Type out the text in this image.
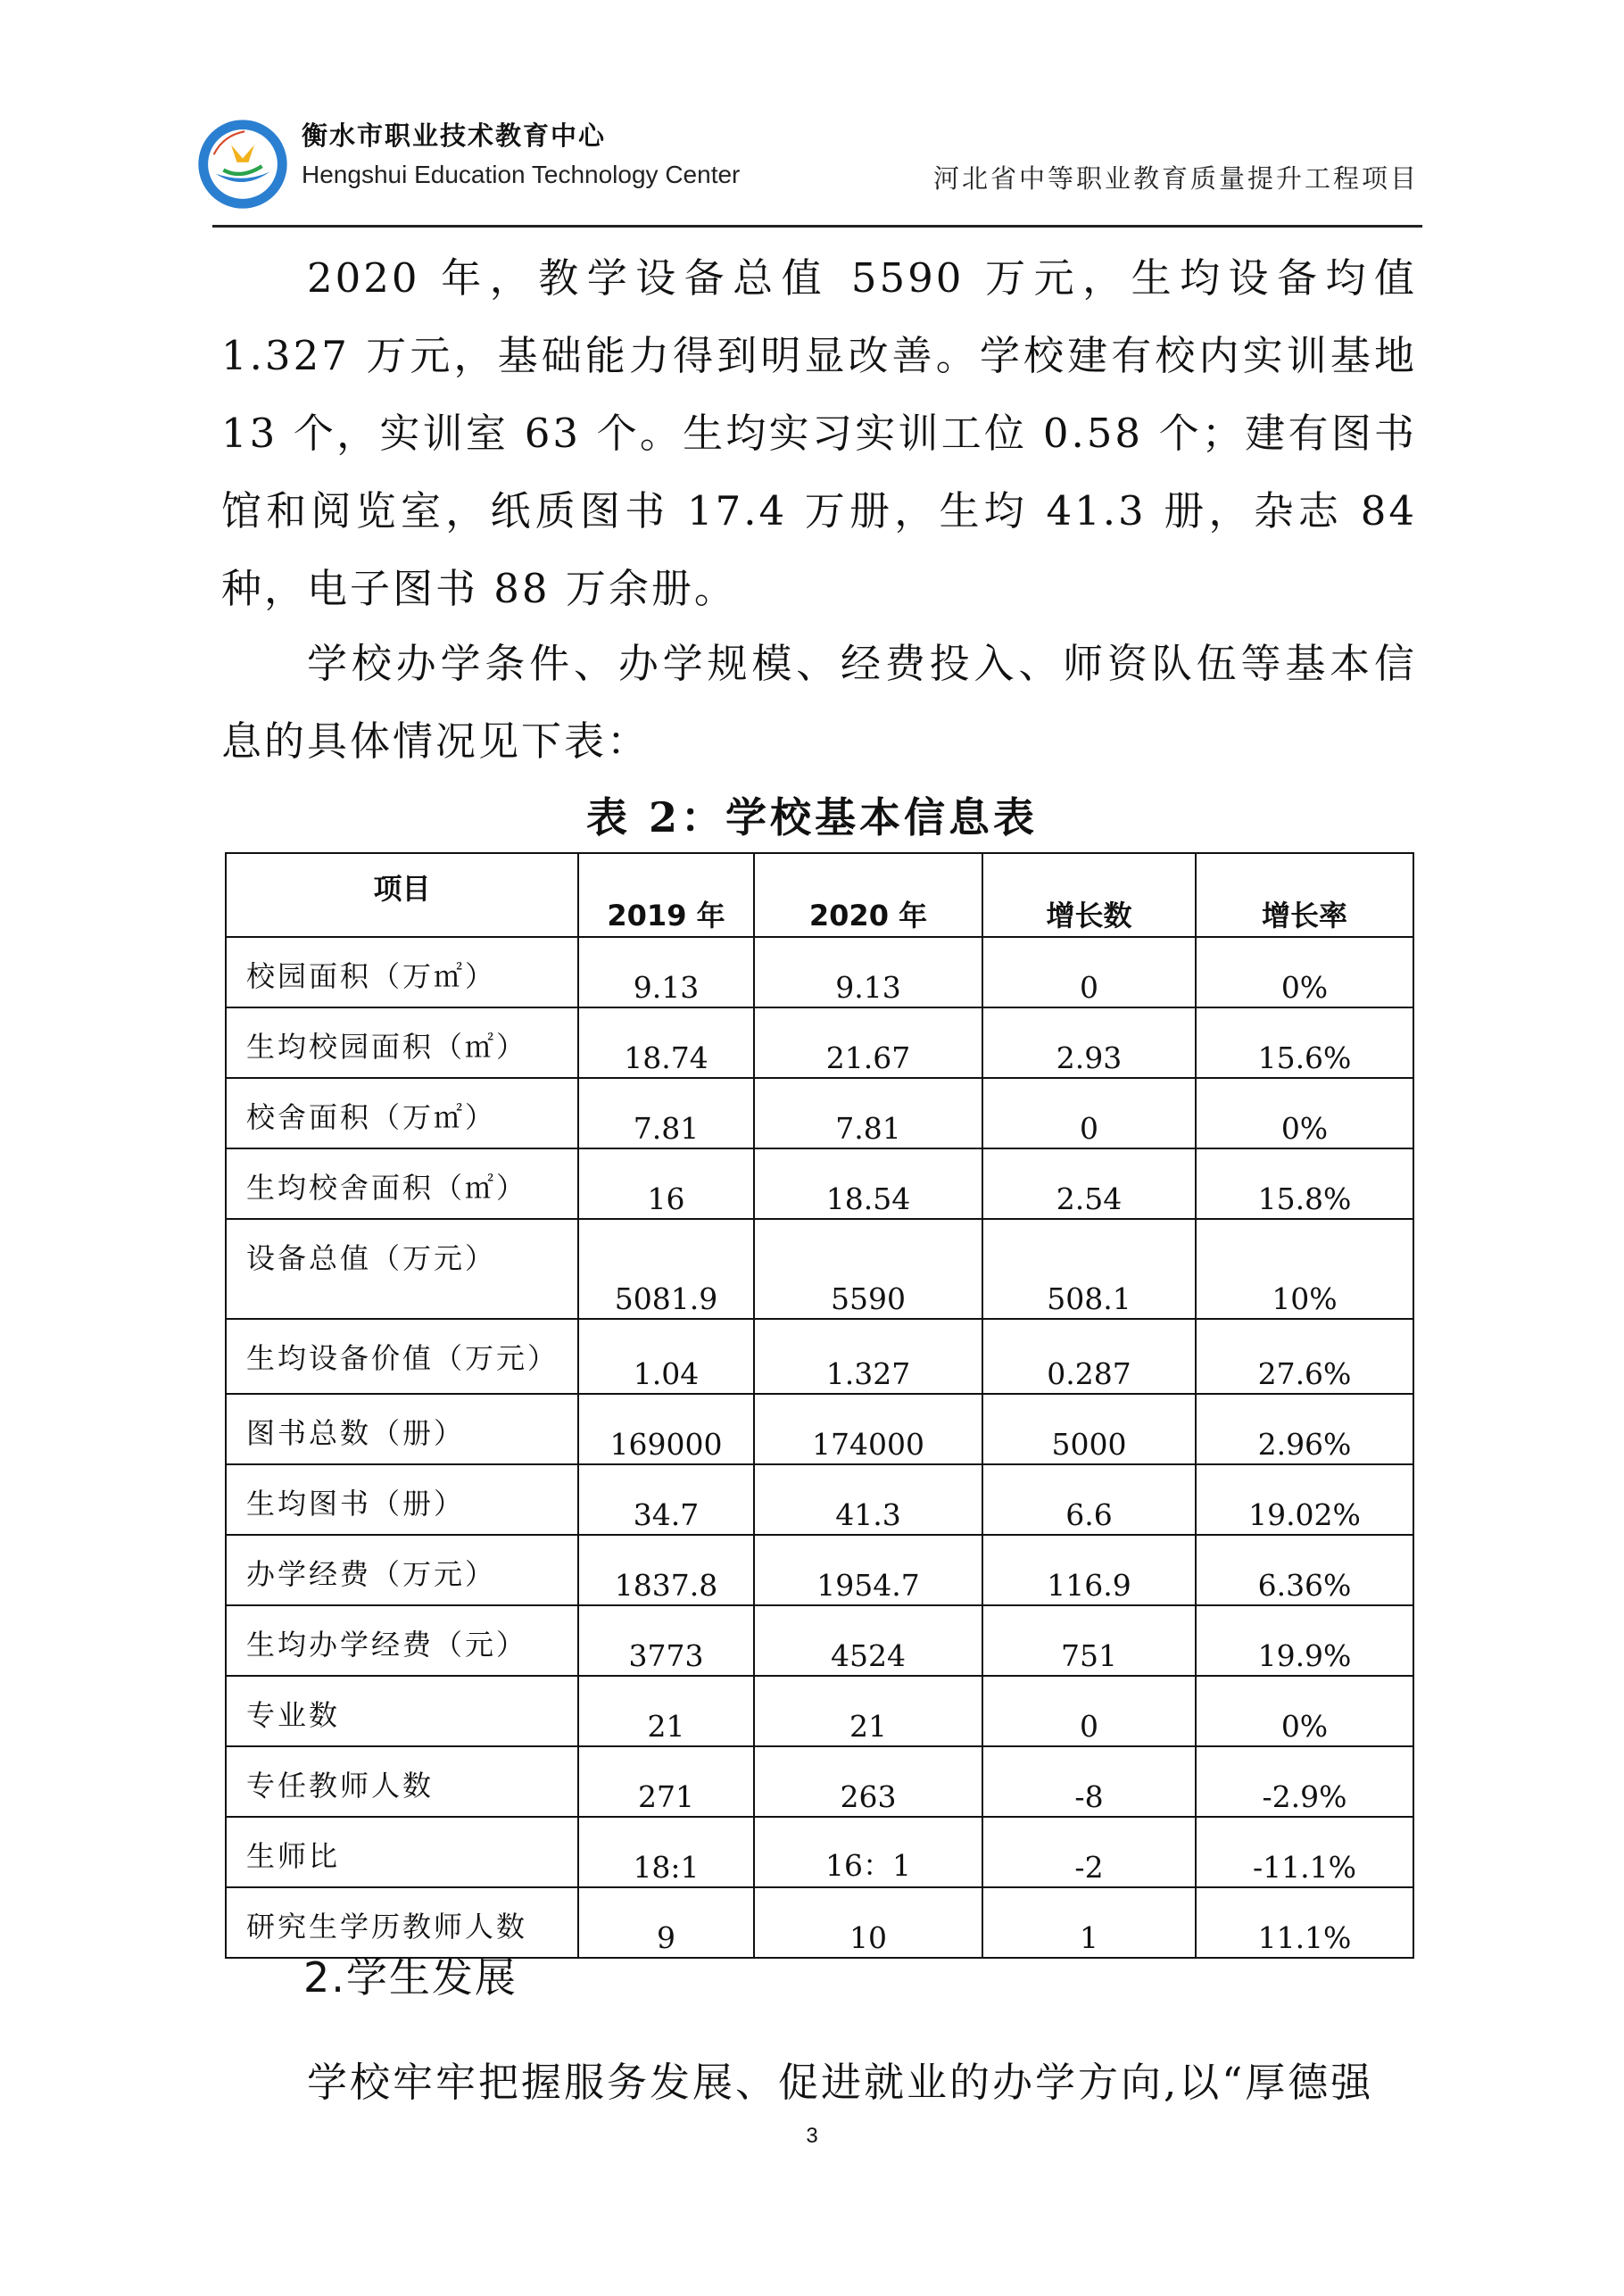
衡水市职业技术教育中心
Hengshui Education Technology Center	河北省中等职业教育质量提升工程项目
2020 年，教学设备总值 5590 万元，生均设备均值 1.327 万元，基础能力得到明显改善。学校建有校内实训基地 13 个，实训室 63 个。生均实习实训工位 0.58 个；建有图书馆和阅览室，纸质图书 17.4 万册，生均 41.3 册，杂志 84 种，电子图书 88 万余册。
学校办学条件、办学规模、经费投入、师资队伍等基本信息的具体情况见下表：
表 2：学校基本信息表
项目	2019 年	2020 年	增长数	增长率
校园面积（万㎡）	9.13	9.13	0	0%
生均校园面积（㎡）	18.74	21.67	2.93	15.6%
校舍面积（万㎡）	7.81	7.81	0	0%
生均校舍面积（㎡）	16	18.54	2.54	15.8%
设备总值（万元）	5081.9	5590	508.1	10%
生均设备价值（万元）	1.04	1.327	0.287	27.6%
图书总数（册）	169000	174000	5000	2.96%
生均图书（册）	34.7	41.3	6.6	19.02%
办学经费（万元）	1837.8	1954.7	116.9	6.36%
生均办学经费（元）	3773	4524	751	19.9%
专业数	21	21	0	0%
专任教师人数	271	263	-8	-2.9%
生师比	18:1	16：1	-2	-11.1%
研究生学历教师人数	9	10	1	11.1%
2.学生发展
学校牢牢把握服务发展、促进就业的办学方向,以“厚德强
3
